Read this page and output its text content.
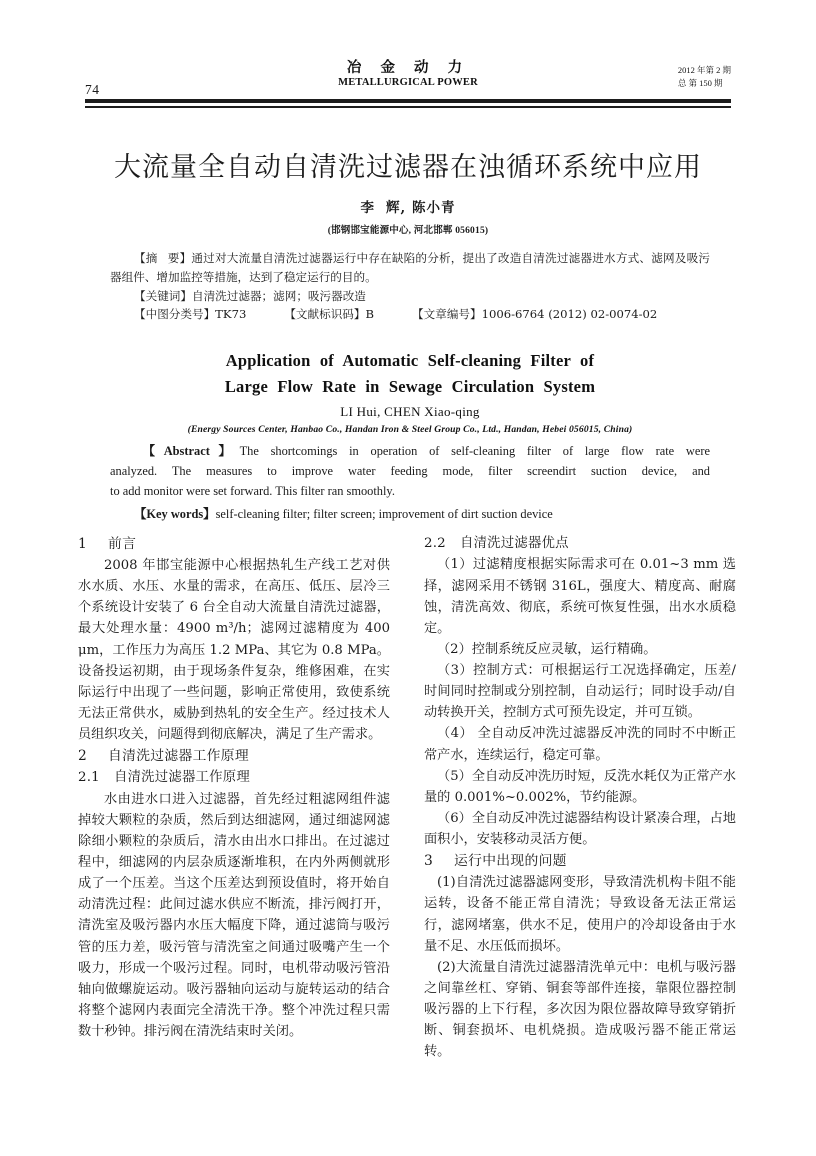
74
冶 金 动 力
METALLURGICAL POWER
2012 年第 2 期
总 第 150 期
大流量全自动自清洗过滤器在浊循环系统中应用
李 辉, 陈小青
(邯钢邯宝能源中心, 河北邯郸 056015)

【摘 要】通过对大流量自清洗过滤器运行中存在缺陷的分析，提出了改造自清洗过滤器进水方式、滤网及吸污器组件、增加监控等措施，达到了稳定运行的目的。

【关键词】自清洗过滤器；滤网；吸污器改造

【中图分类号】TK73	【文献标识码】B	【文章编号】1006-6764 (2012) 02-0074-02

Application of Automatic Self-cleaning Filter of
Large Flow Rate in Sewage Circulation System
LI Hui, CHEN Xiao-qing
(Energy Sources Center, Hanbao Co., Handan Iron & Steel Group Co., Ltd., Handan, Hebei 056015, China)

【Abstract】The shortcomings in operation of self-cleaning filter of large flow rate were

analyzed. The measures to improve water feeding mode, filter screendirt suction device, and

to add monitor were set forward. This filter ran smoothly.

【Key words】self-cleaning filter; filter screen; improvement of dirt suction device

1 前言

2008 年邯宝能源中心根据热轧生产线工艺对供水水质、水压、水量的需求，在高压、低压、层冷三个系统设计安装了 6 台全自动大流量自清洗过滤器，最大处理水量：4900 m³/h；滤网过滤精度为 400 μm，工作压力为高压 1.2 MPa、其它为 0.8 MPa。设备投运初期，由于现场条件复杂，维修困难，在实际运行中出现了一些问题，影响正常使用，致使系统无法正常供水，威胁到热轧的安全生产。经过技术人员组织攻关，问题得到彻底解决，满足了生产需求。

2 自清洗过滤器工作原理

2.1 自清洗过滤器工作原理

水由进水口进入过滤器，首先经过粗滤网组件滤掉较大颗粒的杂质，然后到达细滤网，通过细滤网滤除细小颗粒的杂质后，清水由出水口排出。在过滤过程中，细滤网的内层杂质逐渐堆积，在内外两侧就形成了一个压差。当这个压差达到预设值时，将开始自动清洗过程：此间过滤水供应不断流，排污阀打开，清洗室及吸污器内水压大幅度下降，通过滤筒与吸污管的压力差，吸污管与清洗室之间通过吸嘴产生一个吸力，形成一个吸污过程。同时，电机带动吸污管沿轴向做螺旋运动。吸污器轴向运动与旋转运动的结合将整个滤网内表面完全清洗干净。整个冲洗过程只需数十秒钟。排污阀在清洗结束时关闭。

2.2 自清洗过滤器优点

（1）过滤精度根据实际需求可在 0.01~3 mm 选择，滤网采用不锈钢 316L，强度大、精度高、耐腐蚀，清洗高效、彻底，系统可恢复性强，出水水质稳定。

（2）控制系统反应灵敏，运行精确。

（3）控制方式：可根据运行工况选择确定，压差/时间同时控制或分别控制，自动运行；同时设手动/自动转换开关，控制方式可预先设定，并可互锁。

（4） 全自动反冲洗过滤器反冲洗的同时不中断正常产水，连续运行，稳定可靠。

（5）全自动反冲洗历时短，反洗水耗仅为正常产水量的 0.001%~0.002%，节约能源。

（6）全自动反冲洗过滤器结构设计紧凑合理，占地面积小，安装移动灵活方便。

3 运行中出现的问题

(1)自清洗过滤器滤网变形，导致清洗机构卡阻不能运转，设备不能正常自清洗；导致设备无法正常运行，滤网堵塞，供水不足，使用户的冷却设备由于水量不足、水压低而损坏。

(2)大流量自清洗过滤器清洗单元中：电机与吸污器之间靠丝杠、穿销、铜套等部件连接，靠限位器控制吸污器的上下行程，多次因为限位器故障导致穿销折断、铜套损坏、电机烧损。造成吸污器不能正常运转。
